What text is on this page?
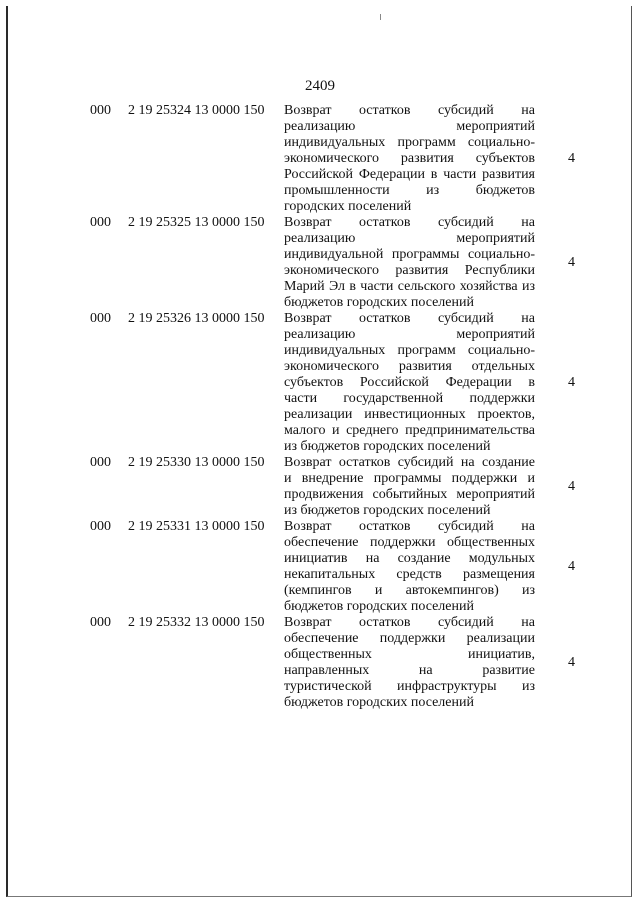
2409
000 2 19 25324 13 0000 150 Возврат остатков субсидий на
реализацию мероприятий
индивидуальных программ социально-
экономического развития субъектов
Российской Федерации в части развития
промышленности из бюджетов
городских поселений
4
000 2 19 25325 13 0000 150 Возврат остатков субсидий на
реализацию мероприятий
индивидуальной программы социально-
экономического развития Республики
Марий Эл в части сельского хозяйства из
бюджетов городских поселений
4
000 2 19 25326 13 0000 150 Возврат остатков субсидий на
реализацию мероприятий
индивидуальных программ социально-
экономического развития отдельных
субъектов Российской Федерации в
части государственной поддержки
реализации инвестиционных проектов,
малого и среднего предпринимательства
из бюджетов городских поселений
4
000 2 19 25330 13 0000 150 Возврат остатков субсидий на создание
и внедрение программы поддержки и
продвижения событийных мероприятий
из бюджетов городских поселений
4
000 2 19 25331 13 0000 150 Возврат остатков субсидий на
обеспечение поддержки общественных
инициатив на создание модульных
некапитальных средств размещения
(кемпингов и автокемпингов) из
бюджетов городских поселений
4
000 2 19 25332 13 0000 150 Возврат остатков субсидий на
обеспечение поддержки реализации
общественных инициатив,
направленных на развитие
туристической инфраструктуры из
бюджетов городских поселений
4
